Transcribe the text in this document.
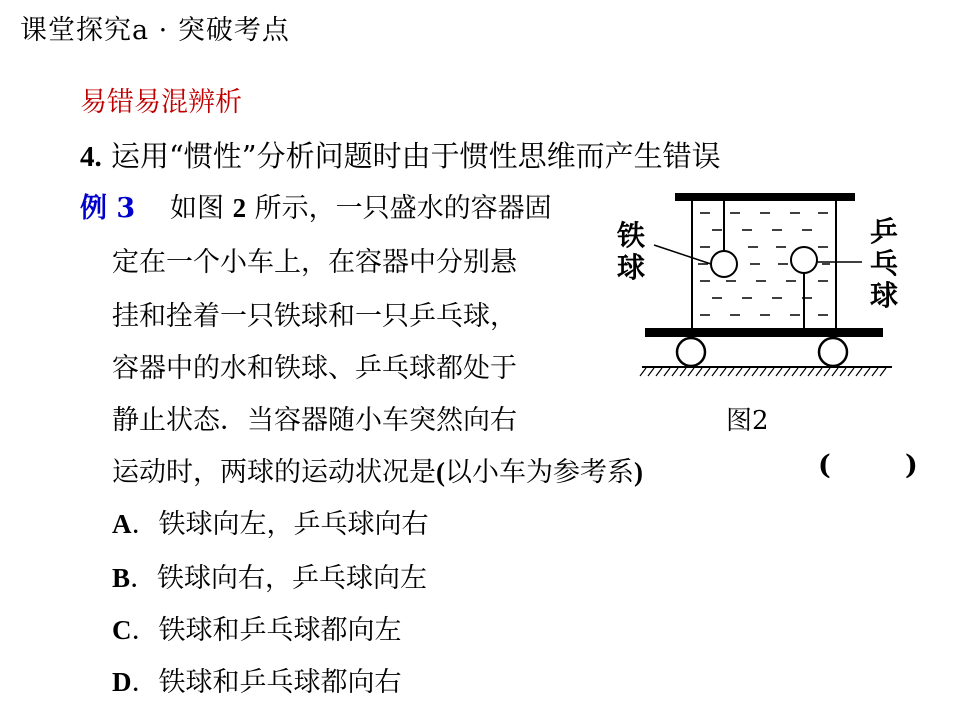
课堂探究a · 突破考点
易错易混辨析
4. 运用“惯性”分析问题时由于惯性思维而产生错误
例 3 如图 2 所示，一只盛水的容器固
定在一个小车上，在容器中分别悬
挂和拴着一只铁球和一只乒乓球，
容器中的水和铁球、乒乓球都处于
静止状态．当容器随小车突然向右
运动时，两球的运动状况是(以小车为参考系)	(	)
A．铁球向左，乒乓球向右
B．铁球向右，乒乓球向左
C．铁球和乒乓球都向左
D．铁球和乒乓球都向右
铁
球
乒
乓
球
图2
